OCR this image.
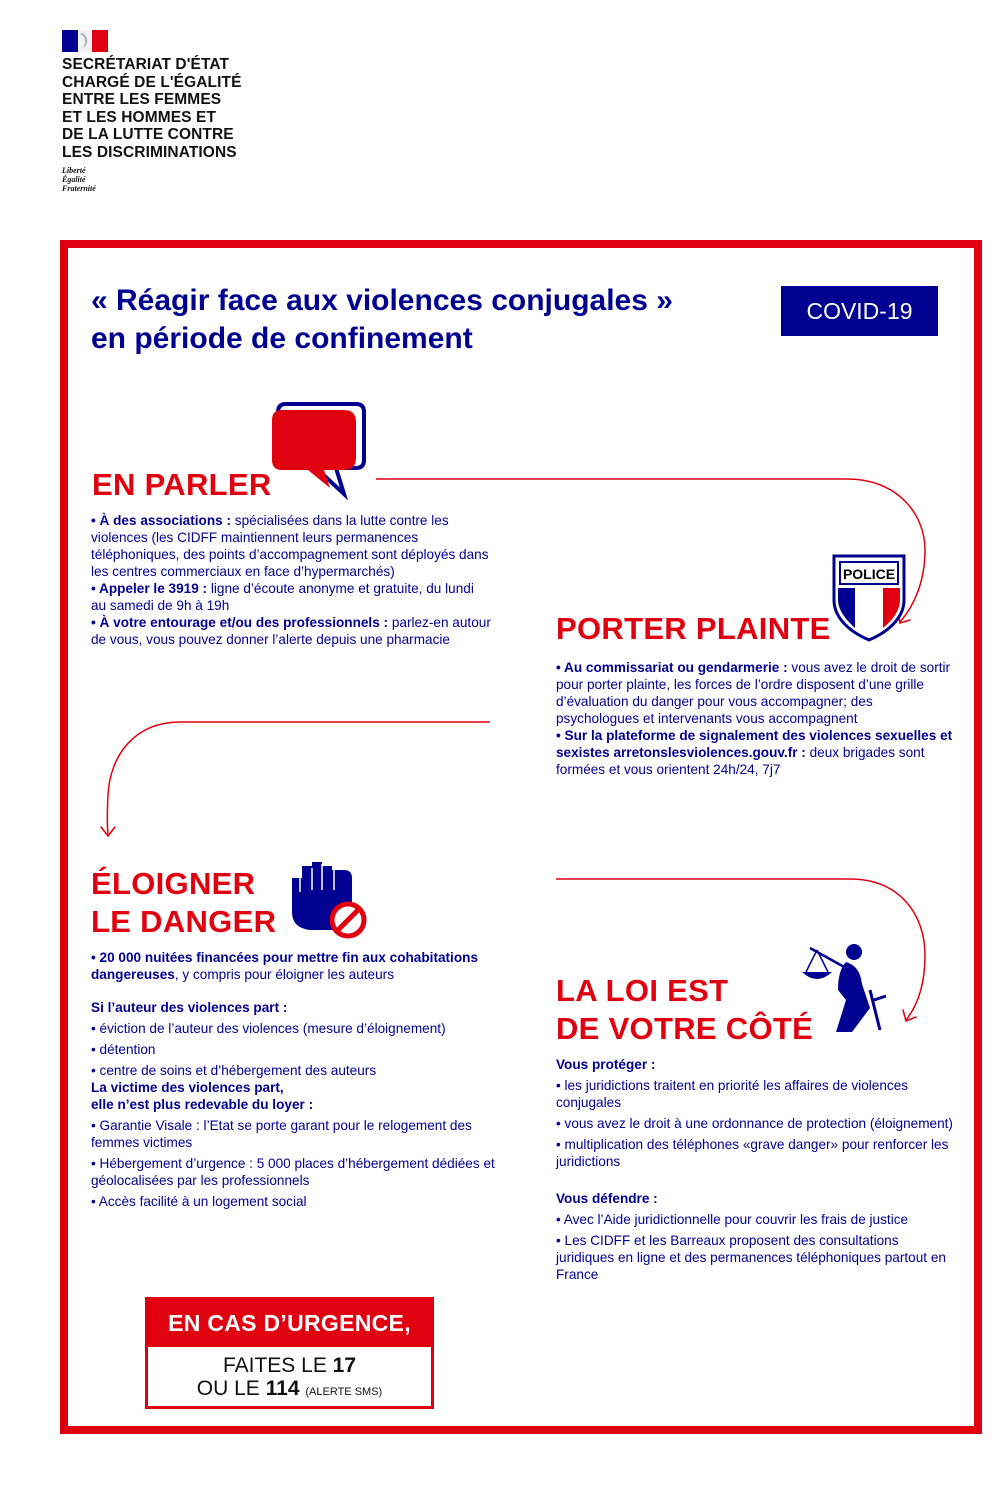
SECRÉTARIAT D'ÉTAT
CHARGÉ DE L'ÉGALITÉ
ENTRE LES FEMMES
ET LES HOMMES ET
DE LA LUTTE CONTRE
LES DISCRIMINATIONS
Liberté
Égalité
Fraternité
« Réagir face aux violences conjugales »
en période de confinement
COVID-19
POLICE
EN PARLER
• À des associations : spécialisées dans la lutte contre les violences (les CIDFF maintiennent leurs permanences téléphoniques, des points d’accompagnement sont déployés dans les centres commerciaux en face d’hypermarchés)
• Appeler le 3919 : ligne d’écoute anonyme et gratuite, du lundi au samedi de 9h à 19h
• À votre entourage et/ou des professionnels : parlez-en autour de vous, vous pouvez donner l’alerte depuis une pharmacie	PORTER PLAINTE
• Au commissariat ou gendarmerie : vous avez le droit de sortir pour porter plainte, les forces de l’ordre disposent d’une grille d’évaluation du danger pour vous accompagner; des psychologues et intervenants vous accompagnent
• Sur la plateforme de signalement des violences sexuelles et sexistes arretonslesviolences.gouv.fr : deux brigades sont formées et vous orientent 24h/24, 7j7
ÉLOIGNER
LE DANGER
• 20 000 nuitées financées pour mettre fin aux cohabitations dangereuses, y compris pour éloigner les auteurs
Si l’auteur des violences part :
• éviction de l’auteur des violences (mesure d’éloignement)
• détention
• centre de soins et d’hébergement des auteurs
La victime des violences part,
elle n’est plus redevable du loyer :
• Garantie Visale : l’Etat se porte garant pour le relogement des femmes victimes
• Hébergement d’urgence : 5 000 places d’hébergement dédiées et géolocalisées par les professionnels
• Accès facilité à un logement social
LA LOI EST
DE VOTRE CÔTÉ
Vous protéger :
• les juridictions traitent en priorité les affaires de violences conjugales
• vous avez le droit à une ordonnance de protection (éloignement)
• multiplication des téléphones «grave danger» pour renforcer les juridictions
Vous défendre :
• Avec l’Aide juridictionnelle pour couvrir les frais de justice
• Les CIDFF et les Barreaux proposent des consultations juridiques en ligne et des permanences téléphoniques partout en France
EN CAS D’URGENCE,
FAITES LE 17
OU LE 114 (ALERTE SMS)
